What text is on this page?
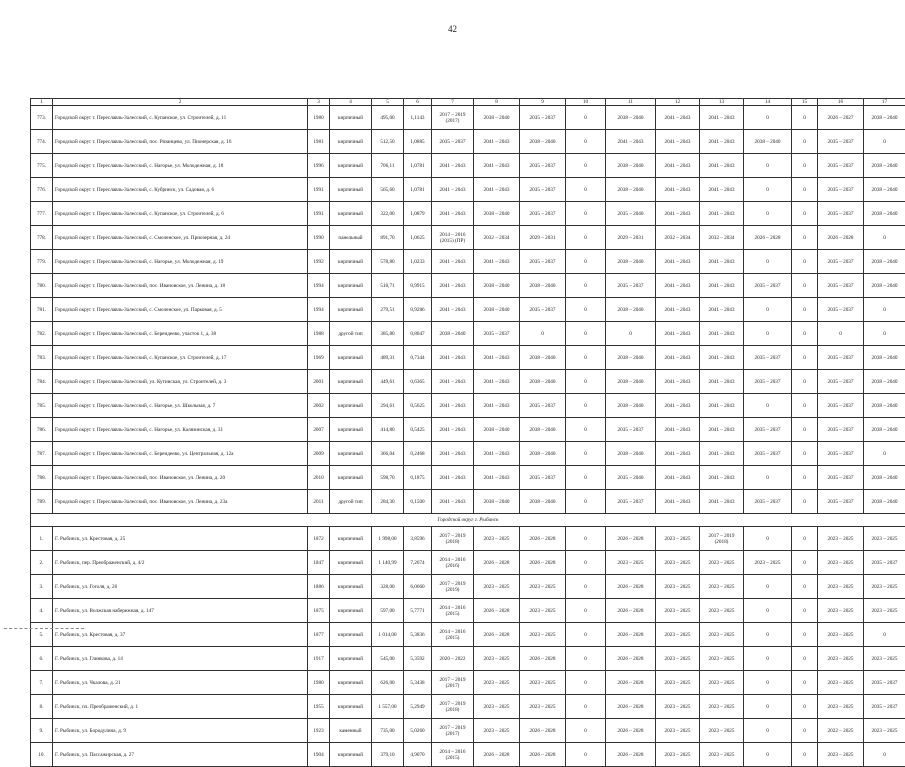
42
1	2	3	4	5	6	7	8	9	10	11	12	13	14	15	16	17
773.	Городской округ г. Переславль-Залесский, с. Купанское, ул. Строителей, д. 11	1980	кирпичный	495,00	1,1143	2017 – 2019 (2017)	2038 – 2040	2035 – 2037	0	2038 – 2040	2041 – 2043	2041 – 2043	0	0	2026 – 2027	2038 – 2040
774.	Городской округ г. Переславль-Залесский, пос. Рязанцево, ул. Пионерская, д. 16	1981	кирпичный	512,50	1,0885	2035 – 2037	2041 – 2043	2038 – 2040	0	2041 – 2043	2041 – 2043	2041 – 2043	2038 – 2040	0	2035 – 2037	0
775.	Городской округ г. Переславль-Залесский, с. Нагорье, ул. Молодежная, д. 18	1996	кирпичный	706,11	1,0781	2041 – 2043	2041 – 2043	2035 – 2037	0	2038 – 2040	2041 – 2043	2041 – 2043	0	0	2035 – 2037	2038 – 2040
776.	Городской округ г. Переславль-Залесский, с. Кубринск, ул. Садовая, д. 6	1991	кирпичный	565,60	1,0781	2041 – 2043	2041 – 2043	2035 – 2037	0	2038 – 2040	2041 – 2043	2041 – 2043	0	0	2035 – 2037	2038 – 2040
777.	Городской округ г. Переславль-Залесский, с. Купанское, ул. Строителей, д. 6	1991	кирпичный	322,00	1,0879	2041 – 2043	2038 – 2040	2035 – 2037	0	2035 – 2040	2041 – 2043	2041 – 2043	0	0	2035 – 2037	2038 – 2040
778.	Городской округ г. Переславль-Залесский, с. Смоленское, ул. Приозерная, д. 24	1990	панельный	891,70	1,0625	2014 – 2016 (2015) (ПР)	2032 – 2034	2029 – 2031	0	2029 – 2031	2032 – 2034	2032 – 2034	2026 – 2028	0	2026 – 2028	0
779.	Городской округ г. Переславль-Залесский, с. Нагорье, ул. Молодежная, д. 19	1992	кирпичный	578,80	1,0233	2041 – 2043	2041 – 2043	2035 – 2037	0	2038 – 2040	2041 – 2043	2041 – 2043	0	0	2035 – 2037	2038 – 2040
780.	Городской округ г. Переславль-Залесский, пос. Ивановское, ул. Ленина, д. 18	1994	кирпичный	518,71	0,9915	2041 – 2043	2038 – 2040	2038 – 2040	0	2035 – 2037	2041 – 2043	2041 – 2043	2035 – 2037	0	2035 – 2037	2038 – 2040
781.	Городской округ г. Переславль-Залесский, с. Смоленское, ул. Парковая, д. 5	1994	кирпичный	279,51	0,9286	2041 – 2043	2038 – 2040	2035 – 2037	0	2038 – 2040	2041 – 2043	2041 – 2043	0	0	2035 – 2037	0
782.	Городской округ г. Переславль-Залесский, с. Берендеево, участок 1, д. 38	1988	другой тип	385,80	0,8047	2038 – 2040	2035 – 2037	0	0	0	2041 – 2043	2041 – 2043	0	0	0	0
783.	Городской округ г. Переславль-Залесский, с. Купанское, ул. Строителей, д. 17	1969	кирпичный	489,31	0,7344	2041 – 2043	2041 – 2043	2038 – 2040	0	2038 – 2040	2041 – 2043	2041 – 2043	2035 – 2037	0	2035 – 2037	2038 – 2040
784.	Городской округ г. Переславль-Залесский, ул. Кутинская, ул. Строителей, д. 3	2001	кирпичный	449,61	0,6365	2041 – 2043	2041 – 2043	2038 – 2040	0	2038 – 2040	2041 – 2043	2041 – 2043	2035 – 2037	0	2035 – 2037	2038 – 2040
785.	Городской округ г. Переславль-Залесский, с. Нагорье, ул. Школьная, д. 7	2002	кирпичный	294,61	0,5625	2041 – 2043	2041 – 2043	2035 – 2037	0	2038 – 2040	2041 – 2043	2041 – 2043	0	0	2035 – 2037	2038 – 2040
786.	Городской округ г. Переславль-Залесский, с. Нагорье, ул. Калязинская, д. 31	2007	кирпичный	414,80	0,5425	2041 – 2043	2038 – 2040	2038 – 2040	0	2035 – 2037	2041 – 2043	2041 – 2043	2035 – 2037	0	2035 – 2037	2038 – 2040
787.	Городской округ г. Переславль-Залесский, с. Берендеево, ул. Центральная, д. 12а	2009	кирпичный	366,04	0,2468	2041 – 2043	2041 – 2043	2038 – 2040	0	2038 – 2040	2041 – 2043	2041 – 2043	2035 – 2037	0	2035 – 2037	0
788.	Городской округ г. Переславль-Залесский, пос. Ивановское, ул. Ленина, д. 20	2010	кирпичный	598,70	0,1875	2041 – 2043	2041 – 2043	2035 – 2037	0	2035 – 2040	2041 – 2043	2041 – 2043	0	0	2035 – 2037	2038 – 2040
789.	Городской округ г. Переславль-Залесский, пос. Ивановское, ул. Ленина, д. 23а	2011	другой тип	284,30	0,1500	2041 – 2043	2038 – 2040	2038 – 2040	0	2035 – 2037	2041 – 2043	2041 – 2043	2035 – 2037	0	2035 – 2037	2038 – 2040
Городской округ г. Рыбинск																
1.	Г. Рыбинск, ул. Крестовая, д. 25	1872	кирпичный	1 998,00	3,8596	2017 – 2019 (2018)	2023 – 2025	2026 – 2028	0	2026 – 2028	2023 – 2025	2017 – 2019 (2018)	0	0	2023 – 2025	2023 – 2025
2.	Г. Рыбинск, пер. Преображенский, д. 4/2	1847	кирпичный	1 140,99	7,2674	2014 – 2016 (2016)	2026 – 2028	2026 – 2028	0	2023 – 2025	2023 – 2025	2023 – 2025	2023 – 2025	0	2023 – 2025	2035 – 2037
3.	Г. Рыбинск, ул. Гоголя, д. 26	1886	кирпичный	328,00	6,0660	2017 – 2019 (2019)	2023 – 2025	2023 – 2025	0	2026 – 2028	2023 – 2025	2023 – 2025	0	0	2023 – 2025	2023 – 2025
4.	Г. Рыбинск, ул. Волжская набережная, д. 147	1875	кирпичный	597,00	5,7771	2014 – 2016 (2015)	2026 – 2028	2023 – 2025	0	2026 – 2028	2023 – 2025	2023 – 2025	0	0	2023 – 2025	2023 – 2025
5.	Г. Рыбинск, ул. Крестовая, д. 37	1877	кирпичный	1 014,00	5,3836	2014 – 2016 (2015)	2026 – 2028	2023 – 2025	0	2026 – 2028	2023 – 2025	2023 – 2025	0	0	2023 – 2025	0
6.	Г. Рыбинск, ул. Глинкова, д. 14	1917	кирпичный	545,00	5,3592	2020 – 2022	2023 – 2025	2026 – 2028	0	2026 – 2028	2023 – 2025	2023 – 2025	0	0	2023 – 2025	2023 – 2025
7.	Г. Рыбинск, ул. Чкалова, д. 21	1980	кирпичный	626,00	5,3438	2017 – 2019 (2017)	2023 – 2025	2023 – 2025	0	2026 – 2028	2023 – 2025	2023 – 2025	0	0	2023 – 2025	2035 – 2037
8.	Г. Рыбинск, пл. Преображенский, д. 1	1955	кирпичный	1 557,00	5,2949	2017 – 2019 (2018)	2023 – 2025	2023 – 2025	0	2026 – 2028	2023 – 2025	2023 – 2025	0	0	2023 – 2025	2035 – 2037
9.	Г. Рыбинск, ул. Бородулина, д. 9	1923	каменный	735,00	5,0260	2017 – 2019 (2017)	2023 – 2025	2026 – 2028	0	2026 – 2028	2023 – 2025	2023 – 2025	0	0	2022 – 2025	2023 – 2025
10.	Г. Рыбинск, ул. Пассажирская, д. 27	1904	кирпичный	379,10	4,9070	2014 – 2016 (2015)	2026 – 2028	2026 – 2028	0	2026 – 2028	2023 – 2025	2023 – 2025	0	0	2023 – 2025	0
